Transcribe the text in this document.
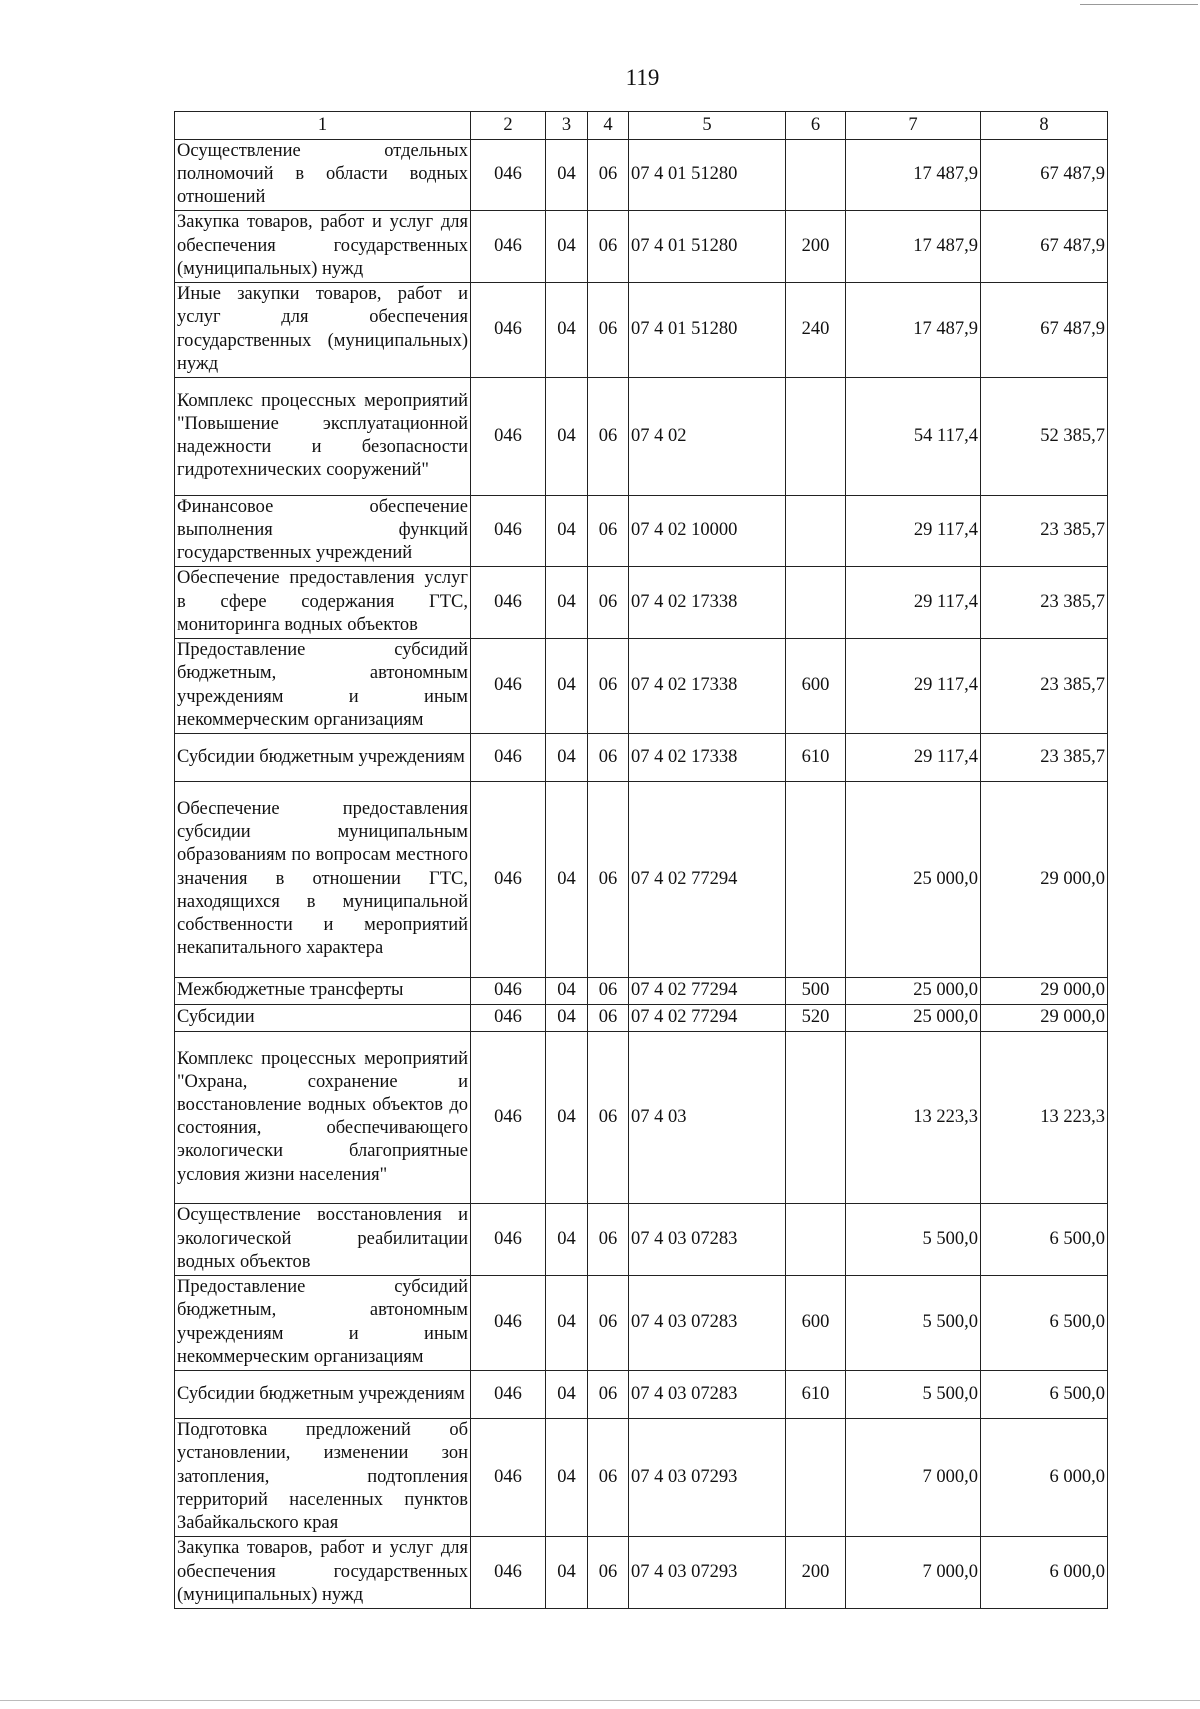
119
1	2	3	4	5	6	7	8
Осуществление отдельных полномочий в области водных отношений	046	04	06	07 4 01 51280		17 487,9	67 487,9
Закупка товаров, работ и услуг для обеспечения государственных (муниципальных) нужд	046	04	06	07 4 01 51280	200	17 487,9	67 487,9
Иные закупки товаров, работ и услуг для обеспечения государственных (муниципальных) нужд	046	04	06	07 4 01 51280	240	17 487,9	67 487,9
Комплекс процессных мероприятий "Повышение эксплуатационной надежности и безопасности гидротехнических сооружений"	046	04	06	07 4 02		54 117,4	52 385,7
Финансовое обеспечение выполнения функций государственных учреждений	046	04	06	07 4 02 10000		29 117,4	23 385,7
Обеспечение предоставления услуг в сфере содержания ГТС, мониторинга водных объектов	046	04	06	07 4 02 17338		29 117,4	23 385,7
Предоставление субсидий бюджетным, автономным учреждениям и иным некоммерческим организациям	046	04	06	07 4 02 17338	600	29 117,4	23 385,7
Субсидии бюджетным учреждениям	046	04	06	07 4 02 17338	610	29 117,4	23 385,7
Обеспечение предоставления субсидии муниципальным образованиям по вопросам местного значения в отношении ГТС, находящихся в муниципальной собственности и мероприятий некапитального характера	046	04	06	07 4 02 77294		25 000,0	29 000,0
Межбюджетные трансферты	046	04	06	07 4 02 77294	500	25 000,0	29 000,0
Субсидии	046	04	06	07 4 02 77294	520	25 000,0	29 000,0
Комплекс процессных мероприятий "Охрана, сохранение и восстановление водных объектов до состояния, обеспечивающего экологически благоприятные условия жизни населения"	046	04	06	07 4 03		13 223,3	13 223,3
Осуществление восстановления и экологической реабилитации водных объектов	046	04	06	07 4 03 07283		5 500,0	6 500,0
Предоставление субсидий бюджетным, автономным учреждениям и иным некоммерческим организациям	046	04	06	07 4 03 07283	600	5 500,0	6 500,0
Субсидии бюджетным учреждениям	046	04	06	07 4 03 07283	610	5 500,0	6 500,0
Подготовка предложений об установлении, изменении зон затопления, подтопления территорий населенных пунктов Забайкальского края	046	04	06	07 4 03 07293		7 000,0	6 000,0
Закупка товаров, работ и услуг для обеспечения государственных (муниципальных) нужд	046	04	06	07 4 03 07293	200	7 000,0	6 000,0
